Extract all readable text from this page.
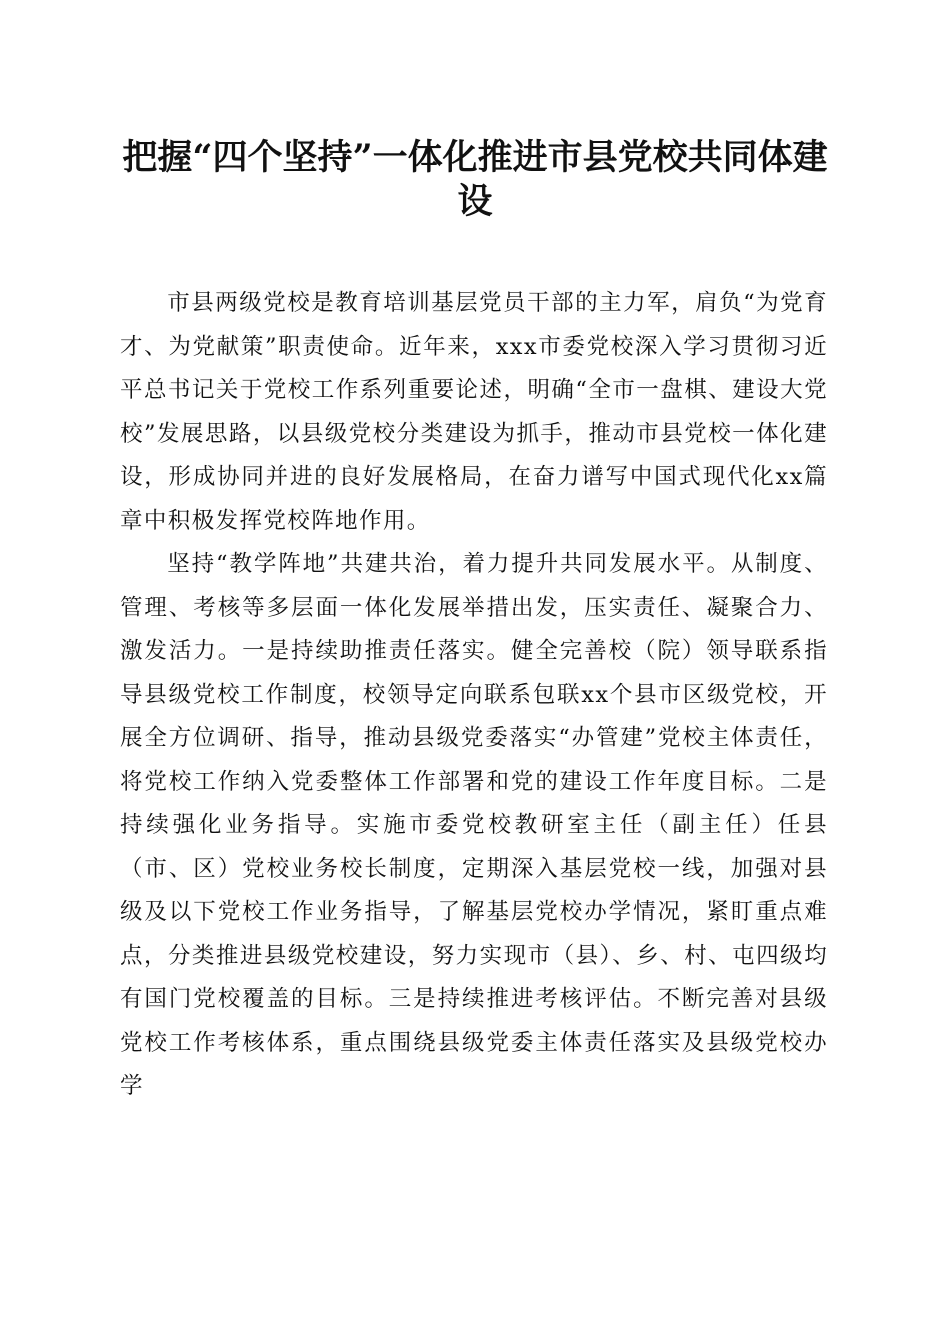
把握“四个坚持”一体化推进市县党校共同体建设

市县两级党校是教育培训基层党员干部的主力军，肩负“为党育才、为党献策”职责使命。近年来，xxx市委党校深入学习贯彻习近平总书记关于党校工作系列重要论述，明确“全市一盘棋、建设大党校”发展思路，以县级党校分类建设为抓手，推动市县党校一体化建设，形成协同并进的良好发展格局，在奋力谱写中国式现代化xx篇章中积极发挥党校阵地作用。

坚持“教学阵地”共建共治，着力提升共同发展水平。从制度、管理、考核等多层面一体化发展举措出发，压实责任、凝聚合力、激发活力。一是持续助推责任落实。健全完善校（院）领导联系指导县级党校工作制度，校领导定向联系包联xx个县市区级党校，开展全方位调研、指导，推动县级党委落实“办管建”党校主体责任，将党校工作纳入党委整体工作部署和党的建设工作年度目标。二是持续强化业务指导。实施市委党校教研室主任（副主任）任县（市、区）党校业务校长制度，定期深入基层党校一线，加强对县级及以下党校工作业务指导，了解基层党校办学情况，紧盯重点难点，分类推进县级党校建设，努力实现市（县）、乡、村、屯四级均有国门党校覆盖的目标。三是持续推进考核评估。不断完善对县级党校工作考核体系，重点围绕县级党委主体责任落实及县级党校办学
